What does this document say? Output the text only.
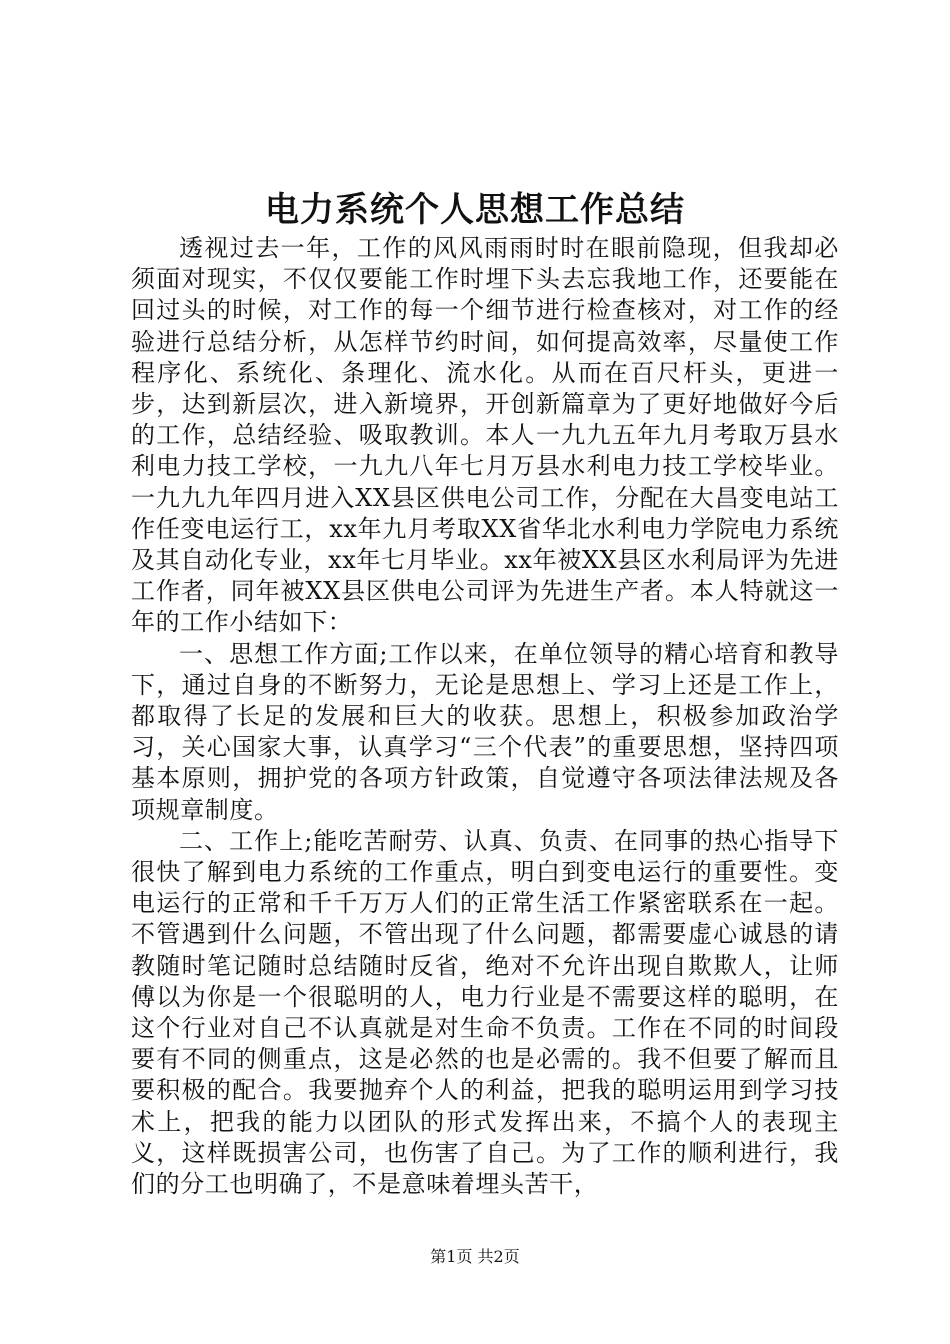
电力系统个人思想工作总结

透视过去一年，工作的风风雨雨时时在眼前隐现，但我却必须面对现实，不仅仅要能工作时埋下头去忘我地工作，还要能在回过头的时候，对工作的每一个细节进行检查核对，对工作的经验进行总结分析，从怎样节约时间，如何提高效率，尽量使工作程序化、系统化、条理化、流水化。从而在百尺杆头，更进一步，达到新层次，进入新境界，开创新篇章为了更好地做好今后的工作，总结经验、吸取教训。本人一九九五年九月考取万县水利电力技工学校，一九九八年七月万县水利电力技工学校毕业。一九九九年四月进入XX县区供电公司工作，分配在大昌变电站工作任变电运行工，xx年九月考取XX省华北水利电力学院电力系统及其自动化专业，xx年七月毕业。xx年被XX县区水利局评为先进工作者，同年被XX县区供电公司评为先进生产者。本人特就这一年的工作小结如下：

一、思想工作方面;工作以来，在单位领导的精心培育和教导下，通过自身的不断努力，无论是思想上、学习上还是工作上，都取得了长足的发展和巨大的收获。思想上，积极参加政治学习，关心国家大事，认真学习“三个代表”的重要思想，坚持四项基本原则，拥护党的各项方针政策，自觉遵守各项法律法规及各项规章制度。

二、工作上;能吃苦耐劳、认真、负责、在同事的热心指导下很快了解到电力系统的工作重点，明白到变电运行的重要性。变电运行的正常和千千万万人们的正常生活工作紧密联系在一起。不管遇到什么问题，不管出现了什么问题，都需要虚心诚恳的请教随时笔记随时总结随时反省，绝对不允许出现自欺欺人，让师傅以为你是一个很聪明的人，电力行业是不需要这样的聪明，在这个行业对自己不认真就是对生命不负责。工作在不同的时间段要有不同的侧重点，这是必然的也是必需的。我不但要了解而且要积极的配合。我要抛弃个人的利益，把我的聪明运用到学习技术上，把我的能力以团队的形式发挥出来，不搞个人的表现主义，这样既损害公司，也伤害了自己。为了工作的顺利进行，我们的分工也明确了，不是意味着埋头苦干，

第1页 共2页
